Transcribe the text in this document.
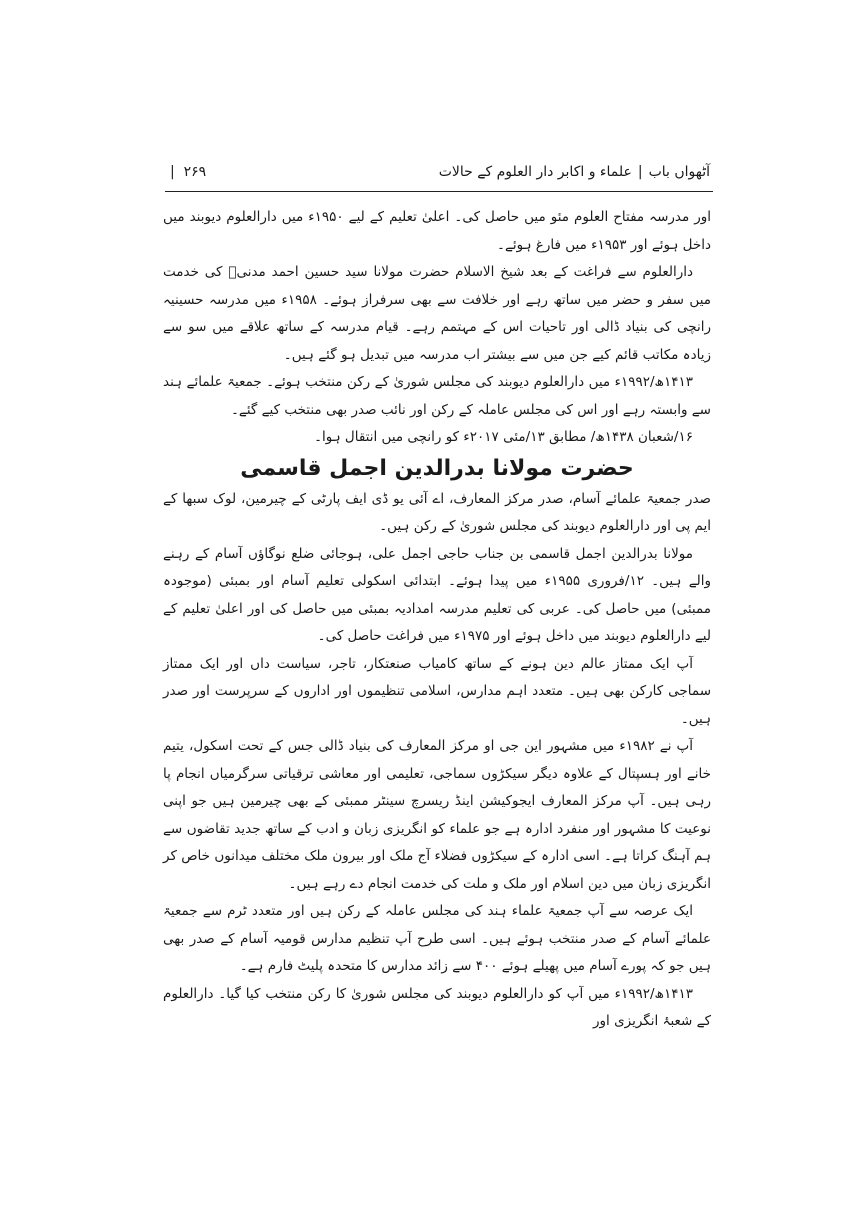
آٹھواں باب|علماء و اکابر دار العلوم کے حالات
| ۲۶۹

اور مدرسہ مفتاح العلوم مئو میں حاصل کی۔ اعلیٰ تعلیم کے لیے ۱۹۵۰ء میں دارالعلوم دیوبند میں داخل ہوئے اور ۱۹۵۳ء میں فارغ ہوئے۔

دارالعلوم سے فراغت کے بعد شیخ الاسلام حضرت مولانا سید حسین احمد مدنیؒ کی خدمت میں سفر و حضر میں ساتھ رہے اور خلافت سے بھی سرفراز ہوئے۔ ۱۹۵۸ء میں مدرسہ حسینیہ رانچی کی بنیاد ڈالی اور تاحیات اس کے مہتمم رہے۔ قیام مدرسہ کے ساتھ علاقے میں سو سے زیادہ مکاتب قائم کیے جن میں سے بیشتر اب مدرسہ میں تبدیل ہو گئے ہیں۔

۱۴۱۳ھ/۱۹۹۲ء میں دارالعلوم دیوبند کی مجلس شوریٰ کے رکن منتخب ہوئے۔ جمعیۃ علمائے ہند سے وابستہ رہے اور اس کی مجلس عاملہ کے رکن اور نائب صدر بھی منتخب کیے گئے۔

۱۶/شعبان ۱۴۳۸ھ/ مطابق ۱۳/مئی ۲۰۱۷ء کو رانچی میں انتقال ہوا۔

حضرت مولانا بدرالدین اجمل قاسمی

صدر جمعیۃ علمائے آسام، صدر مرکز المعارف، اے آئی یو ڈی ایف پارٹی کے چیرمین، لوک سبھا کے ایم پی اور دارالعلوم دیوبند کی مجلس شوریٰ کے رکن ہیں۔

مولانا بدرالدین اجمل قاسمی بن جناب حاجی اجمل علی، ہوجائی ضلع نوگاؤں آسام کے رہنے والے ہیں۔ ۱۲/فروری ۱۹۵۵ء میں پیدا ہوئے۔ ابتدائی اسکولی تعلیم آسام اور بمبئی (موجودہ ممبئی) میں حاصل کی۔ عربی کی تعلیم مدرسہ امدادیہ بمبئی میں حاصل کی اور اعلیٰ تعلیم کے لیے دارالعلوم دیوبند میں داخل ہوئے اور ۱۹۷۵ء میں فراغت حاصل کی۔

آپ ایک ممتاز عالم دین ہونے کے ساتھ کامیاب صنعتکار، تاجر، سیاست داں اور ایک ممتاز سماجی کارکن بھی ہیں۔ متعدد اہم مدارس، اسلامی تنظیموں اور اداروں کے سرپرست اور صدر ہیں۔

آپ نے ۱۹۸۲ء میں مشہور این جی او مرکز المعارف کی بنیاد ڈالی جس کے تحت اسکول، یتیم خانے اور ہسپتال کے علاوہ دیگر سیکڑوں سماجی، تعلیمی اور معاشی ترقیاتی سرگرمیاں انجام پا رہی ہیں۔ آپ مرکز المعارف ایجوکیشن اینڈ ریسرچ سینٹر ممبئی کے بھی چیرمین ہیں جو اپنی نوعیت کا مشہور اور منفرد ادارہ ہے جو علماء کو انگریزی زبان و ادب کے ساتھ جدید تقاضوں سے ہم آہنگ کراتا ہے۔ اسی ادارہ کے سیکڑوں فضلاء آج ملک اور بیرون ملک مختلف میدانوں خاص کر انگریزی زبان میں دین اسلام اور ملک و ملت کی خدمت انجام دے رہے ہیں۔

ایک عرصہ سے آپ جمعیۃ علماء ہند کی مجلس عاملہ کے رکن ہیں اور متعدد ٹرم سے جمعیۃ علمائے آسام کے صدر منتخب ہوئے ہیں۔ اسی طرح آپ تنظیم مدارس قومیہ آسام کے صدر بھی ہیں جو کہ پورے آسام میں پھیلے ہوئے ۴۰۰ سے زائد مدارس کا متحدہ پلیٹ فارم ہے۔

۱۴۱۳ھ/۱۹۹۲ء میں آپ کو دارالعلوم دیوبند کی مجلس شوریٰ کا رکن منتخب کیا گیا۔ دارالعلوم کے شعبۂ انگریزی اور
